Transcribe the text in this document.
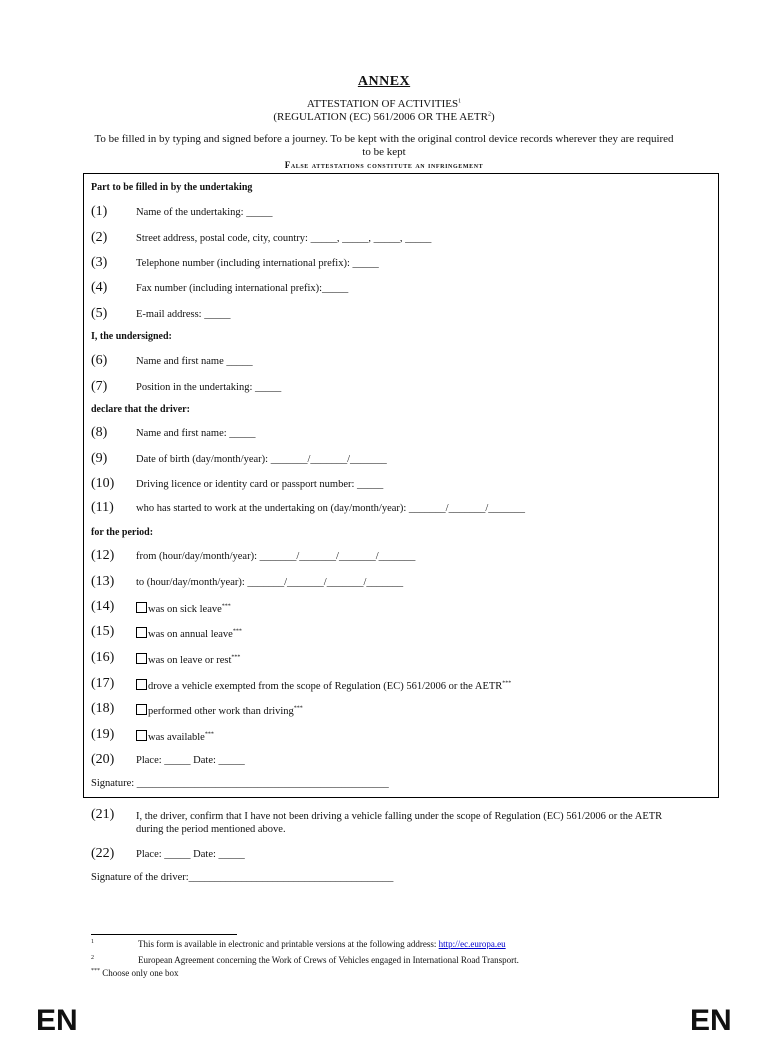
ANNEX
ATTESTATION OF ACTIVITIES$^1$
(REGULATION (EC) 561/2006 OR THE AETR$^2$)
To be filled in by typing and signed before a journey. To be kept with the original control device records wherever they are required to be kept
False attestations constitute an infringement
Part to be filled in by the undertaking
(1)	Name of the undertaking: _____
(2)	Street address, postal code, city, country: _____, _____, _____, _____
(3)	Telephone number (including international prefix): _____
(4)	Fax number (including international prefix):_____
(5)	E-mail address: _____
I, the undersigned:
(6)	Name and first name _____
(7)	Position in the undertaking: _____
declare that the driver:
(8)	Name and first name: _____
(9)	Date of birth (day/month/year): _______/_______/_______
(10) Driving licence or identity card or passport number: _____
(11) who has started to work at the undertaking on (day/month/year): _______/_______/_______
for the period:
(12) from (hour/day/month/year): _______/_______/_______/_______
(13) to (hour/day/month/year): _______/_______/_______/_______
(14)	was on sick leave***
(15)	was on annual leave***
(16)	was on leave or rest***
(17)	drove a vehicle exempted from the scope of Regulation (EC) 561/2006 or the AETR***
(18)	performed other work than driving***
(19)	was available***
(20) Place: _____ Date: _____
Signature: ________________________________________________
(21) I, the driver, confirm that I have not been driving a vehicle falling under the scope of Regulation (EC) 561/2006 or the AETR during the period mentioned above.
(22) Place: _____ Date: _____
Signature of the driver:_______________________________________
$^1$	This form is available in electronic and printable versions at the following address: http://ec.europa.eu
$^2$	European Agreement concerning the Work of Crews of Vehicles engaged in International Road Transport.
*** Choose only one box
EN	EN
